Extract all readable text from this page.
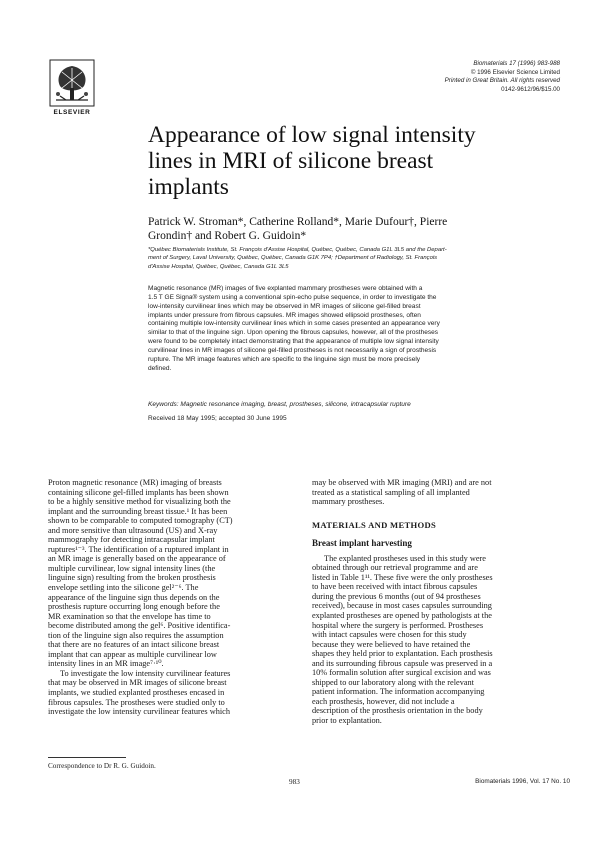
ELSEVIER
Biomaterials 17 (1996) 983-988
© 1996 Elsevier Science Limited
Printed in Great Britain. All rights reserved
0142-9612/96/$15.00
Appearance of low signal intensity
lines in MRI of silicone breast
implants
Patrick W. Stroman*, Catherine Rolland*, Marie Dufour†, Pierre
Grondin† and Robert G. Guidoin*
*Québec Biomaterials Institute, St. François d'Assise Hospital, Québec, Québec, Canada G1L 3L5 and the Depart-
ment of Surgery, Laval University, Québec, Québec, Canada G1K 7P4; †Department of Radiology, St. François
d'Assise Hospital, Québec, Québec, Canada G1L 3L5
Magnetic resonance (MR) images of five explanted mammary prostheses were obtained with a
1.5 T GE Signa® system using a conventional spin-echo pulse sequence, in order to investigate the
low-intensity curvilinear lines which may be observed in MR images of silicone gel-filled breast
implants under pressure from fibrous capsules. MR images showed ellipsoid prostheses, often
containing multiple low-intensity curvilinear lines which in some cases presented an appearance very
similar to that of the linguine sign. Upon opening the fibrous capsules, however, all of the prostheses
were found to be completely intact demonstrating that the appearance of multiple low signal intensity
curvilinear lines in MR images of silicone gel-filled prostheses is not necessarily a sign of prosthesis
rupture. The MR image features which are specific to the linguine sign must be more precisely
defined.
Keywords: Magnetic resonance imaging, breast, prostheses, silicone, intracapsular rupture
Received 18 May 1995; accepted 30 June 1995
Proton magnetic resonance (MR) imaging of breasts
containing silicone gel-filled implants has been shown
to be a highly sensitive method for visualizing both the
implant and the surrounding breast tissue.¹ It has been
shown to be comparable to computed tomography (CT)
and more sensitive than ultrasound (US) and X-ray
mammography for detecting intracapsular implant
ruptures¹⁻³. The identification of a ruptured implant in
an MR image is generally based on the appearance of
multiple curvilinear, low signal intensity lines (the
linguine sign) resulting from the broken prosthesis
envelope settling into the silicone gel²⁻⁶. The
appearance of the linguine sign thus depends on the
prosthesis rupture occurring long enough before the
MR examination so that the envelope has time to
become distributed among the gel⁶. Positive identifica-
tion of the linguine sign also requires the assumption
that there are no features of an intact silicone breast
implant that can appear as multiple curvilinear low
intensity lines in an MR image⁷·¹⁰.
To investigate the low intensity curvilinear features
that may be observed in MR images of silicone breast
implants, we studied explanted prostheses encased in
fibrous capsules. The prostheses were studied only to
investigate the low intensity curvilinear features which
may be observed with MR imaging (MRI) and are not
treated as a statistical sampling of all implanted
mammary prostheses.
MATERIALS AND METHODS
Breast implant harvesting
The explanted prostheses used in this study were
obtained through our retrieval programme and are
listed in Table 1¹¹. These five were the only prostheses
to have been received with intact fibrous capsules
during the previous 6 months (out of 94 prostheses
received), because in most cases capsules surrounding
explanted prostheses are opened by pathologists at the
hospital where the surgery is performed. Prostheses
with intact capsules were chosen for this study
because they were believed to have retained the
shapes they held prior to explantation. Each prosthesis
and its surrounding fibrous capsule was preserved in a
10% formalin solution after surgical excision and was
shipped to our laboratory along with the relevant
patient information. The information accompanying
each prosthesis, however, did not include a
description of the prosthesis orientation in the body
prior to explantation.
Correspondence to Dr R. G. Guidoin.
983	Biomaterials 1996, Vol. 17 No. 10
